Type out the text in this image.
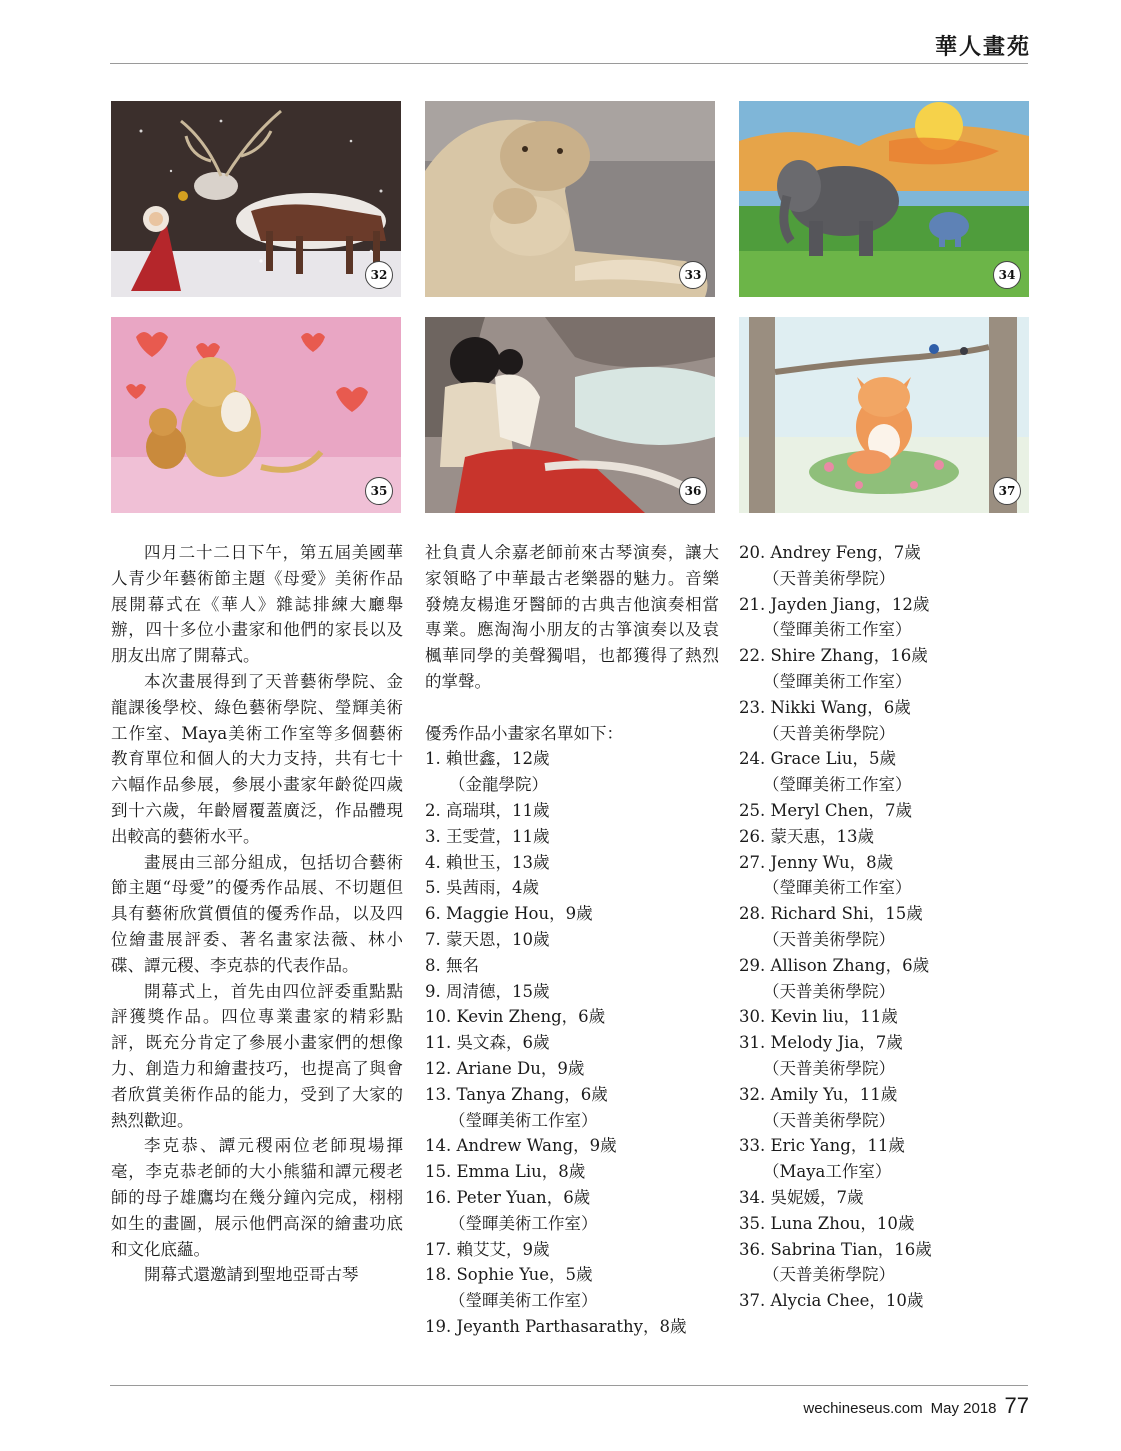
華人畫苑
32	33	34
35	36	37
四月二十二日下午，第五屆美國華人青少年藝術節主題《母愛》美術作品展開幕式在《華人》雜誌排練大廳舉辦，四十多位小畫家和他們的家長以及朋友出席了開幕式。
本次畫展得到了天普藝術學院、金龍課後學校、綠色藝術學院、瑩輝美術工作室、Maya美術工作室等多個藝術教育單位和個人的大力支持，共有七十六幅作品參展，參展小畫家年齡從四歲到十六歲，年齡層覆蓋廣泛，作品體現出較高的藝術水平。
畫展由三部分組成，包括切合藝術節主題“母愛”的優秀作品展、不切題但具有藝術欣賞價值的優秀作品，以及四位繪畫展評委、著名畫家法薇、林小碟、譚元稷、李克恭的代表作品。
開幕式上，首先由四位評委重點點評獲獎作品。四位專業畫家的精彩點評，既充分肯定了參展小畫家們的想像力、創造力和繪畫技巧，也提高了與會者欣賞美術作品的能力，受到了大家的熱烈歡迎。
李克恭、譚元稷兩位老師現場揮毫，李克恭老師的大小熊貓和譚元稷老師的母子雄鷹均在幾分鐘內完成，栩栩如生的畫圖，展示他們高深的繪畫功底和文化底蘊。
開幕式還邀請到聖地亞哥古琴
社負責人余嘉老師前來古琴演奏，讓大家領略了中華最古老樂器的魅力。音樂發燒友楊進牙醫師的古典吉他演奏相當專業。應淘淘小朋友的古箏演奏以及袁楓華同學的美聲獨唱，也都獲得了熱烈的掌聲。
優秀作品小畫家名單如下：
1. 賴世鑫，12歲
（金龍學院）
2. 高瑞琪，11歲
3. 王雯萱，11歲
4. 賴世玉，13歲
5. 吳茜雨，4歲
6. Maggie Hou，9歲
7. 蒙天恩，10歲
8. 無名
9. 周清德，15歲
10. Kevin Zheng，6歲
11. 吳文森，6歲
12. Ariane Du，9歲
13. Tanya Zhang，6歲
（瑩暉美術工作室）
14. Andrew Wang，9歲
15. Emma Liu，8歲
16. Peter Yuan，6歲
（瑩暉美術工作室）
17. 賴艾艾，9歲
18. Sophie Yue，5歲
（瑩暉美術工作室）
19. Jeyanth Parthasarathy，8歲
20. Andrey Feng，7歲
（天普美術學院）
21. Jayden Jiang，12歲
（瑩暉美術工作室）
22. Shire Zhang，16歲
（瑩暉美術工作室）
23. Nikki Wang，6歲
（天普美術學院）
24. Grace Liu，5歲
（瑩暉美術工作室）
25. Meryl Chen，7歲
26. 蒙天惠，13歲
27. Jenny Wu，8歲
（瑩暉美術工作室）
28. Richard Shi，15歲
（天普美術學院）
29. Allison Zhang，6歲
（天普美術學院）
30. Kevin liu，11歲
31. Melody Jia，7歲
（天普美術學院）
32. Amily Yu，11歲
（天普美術學院）
33. Eric Yang，11歲
（Maya工作室）
34. 吳妮媛，7歲
35. Luna Zhou，10歲
36. Sabrina Tian，16歲
（天普美術學院）
37. Alycia Chee，10歲
wechineseus.com May 2018 77
